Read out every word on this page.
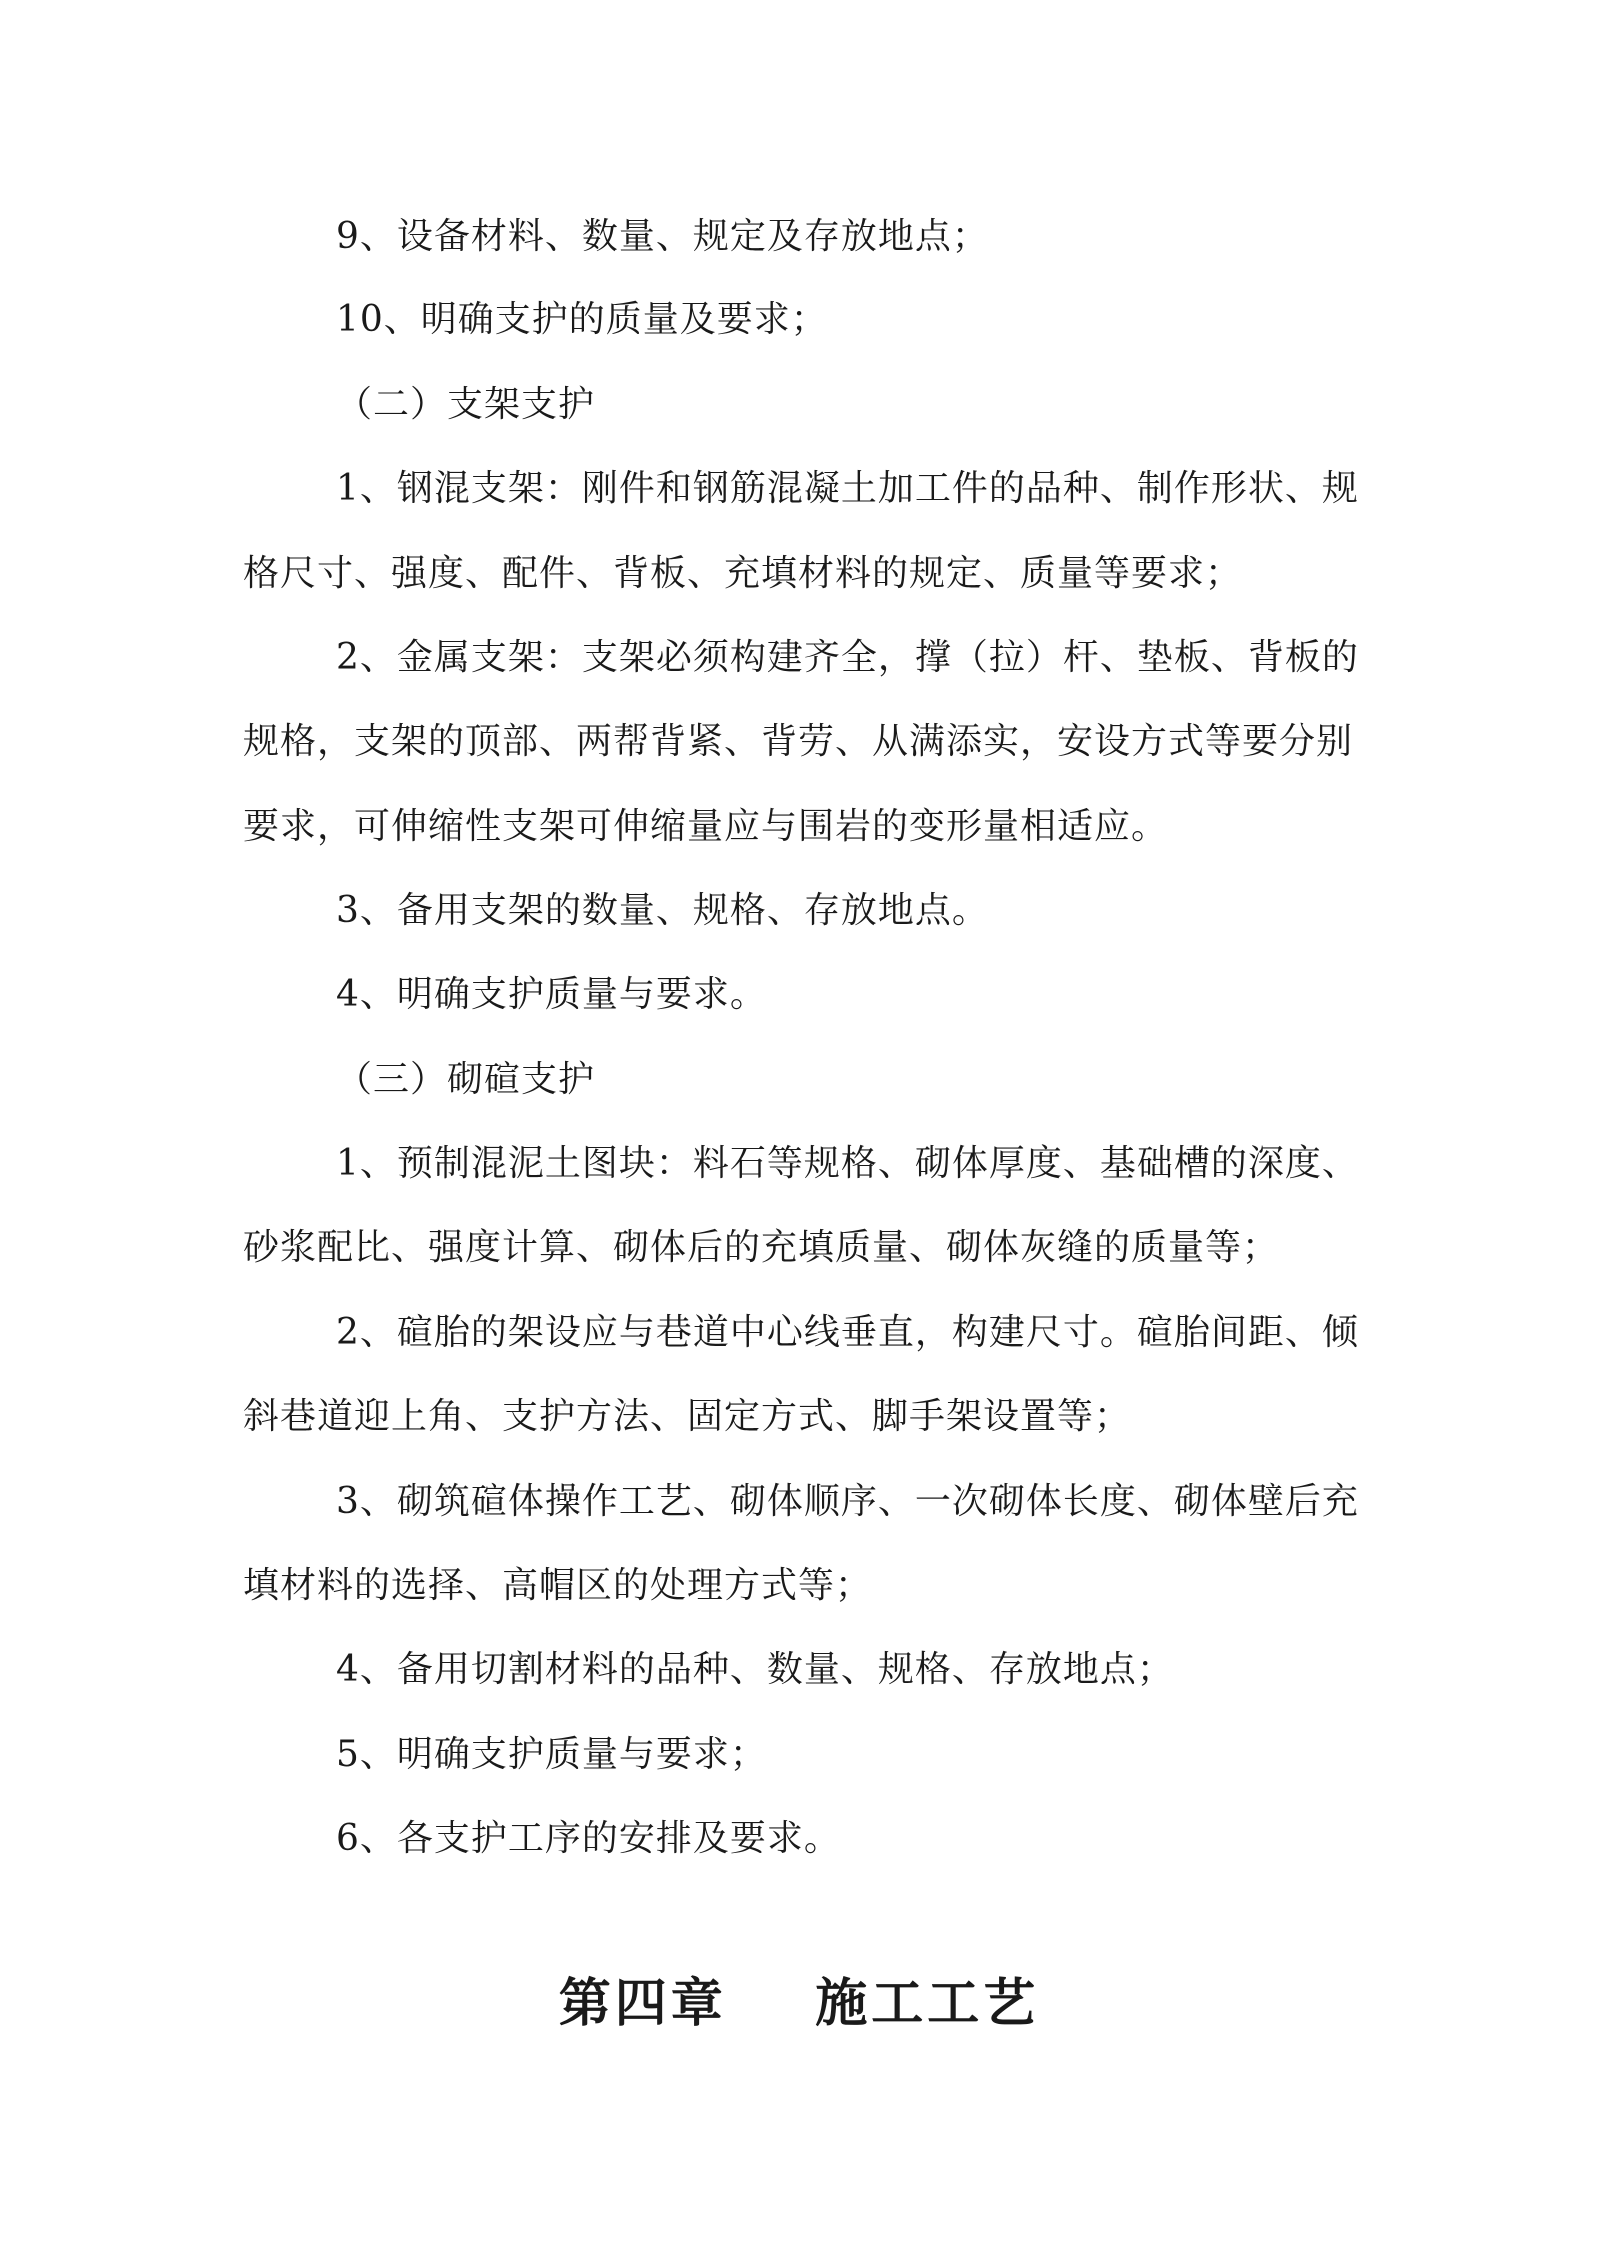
9、设备材料、数量、规定及存放地点；
10、明确支护的质量及要求；
（二）支架支护
1、钢混支架：刚件和钢筋混凝土加工件的品种、制作形状、规
格尺寸、强度、配件、背板、充填材料的规定、质量等要求；
2、金属支架：支架必须构建齐全，撑（拉）杆、垫板、背板的
规格，支架的顶部、两帮背紧、背劳、从满添实，安设方式等要分别
要求，可伸缩性支架可伸缩量应与围岩的变形量相适应。
3、备用支架的数量、规格、存放地点。
4、明确支护质量与要求。
（三）砌碹支护
1、预制混泥土图块：料石等规格、砌体厚度、基础槽的深度、
砂浆配比、强度计算、砌体后的充填质量、砌体灰缝的质量等；
2、碹胎的架设应与巷道中心线垂直，构建尺寸。碹胎间距、倾
斜巷道迎上角、支护方法、固定方式、脚手架设置等；
3、砌筑碹体操作工艺、砌体顺序、一次砌体长度、砌体壁后充
填材料的选择、高帽区的处理方式等；
4、备用切割材料的品种、数量、规格、存放地点；
5、明确支护质量与要求；
6、各支护工序的安排及要求。
第四章    施工工艺
